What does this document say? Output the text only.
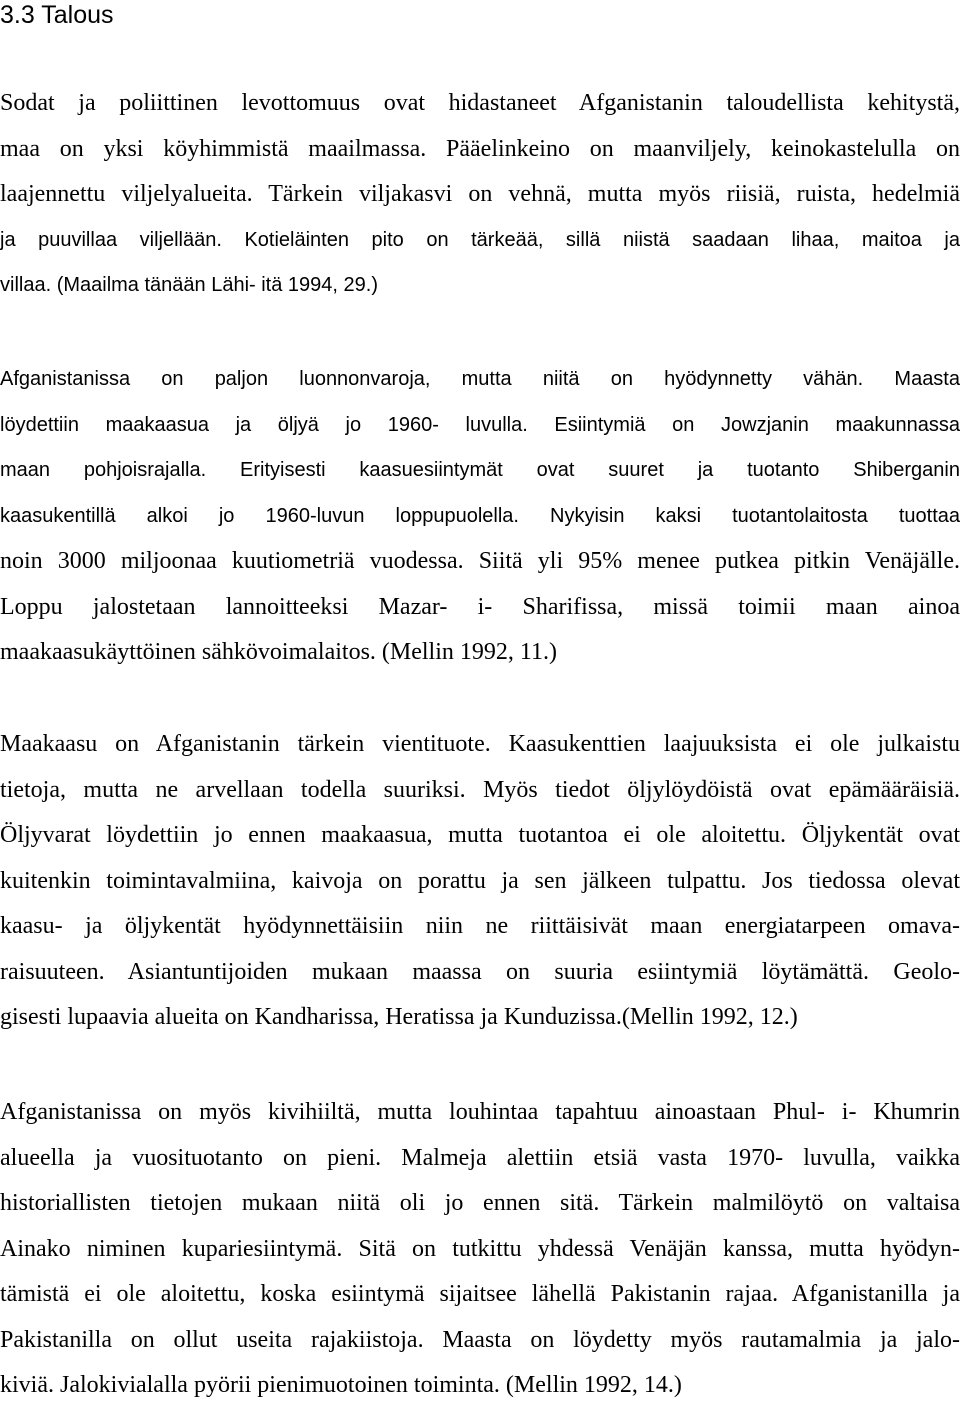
3.3 Talous
Sodat ja poliittinen levottomuus ovat hidastaneet Afganistanin taloudellista kehitystä,
maa on yksi köyhimmistä maailmassa. Pääelinkeino on maanviljely, keinokastelulla on
laajennettu viljelyalueita. Tärkein viljakasvi on vehnä, mutta myös riisiä, ruista, hedelmiä
ja puuvillaa viljellään. Kotieläinten pito on tärkeää, sillä niistä saadaan lihaa, maitoa ja
villaa. (Maailma tänään Lähi- itä 1994, 29.)
Afganistanissa on paljon luonnonvaroja, mutta niitä on hyödynnetty vähän. Maasta
löydettiin maakaasua ja öljyä jo 1960- luvulla. Esiintymiä on Jowzjanin maakunnassa
maan pohjoisrajalla. Erityisesti kaasuesiintymät ovat suuret ja tuotanto Shiberganin
kaasukentillä alkoi jo 1960-luvun loppupuolella. Nykyisin kaksi tuotantolaitosta tuottaa
noin 3000 miljoonaa kuutiometriä vuodessa. Siitä yli 95% menee putkea pitkin Venäjälle.
Loppu jalostetaan lannoitteeksi Mazar- i- Sharifissa, missä toimii maan ainoa
maakaasukäyttöinen sähkövoimalaitos. (Mellin 1992, 11.)
Maakaasu on Afganistanin tärkein vientituote. Kaasukenttien laajuuksista ei ole julkaistu
tietoja, mutta ne arvellaan todella suuriksi. Myös tiedot öljylöydöistä ovat epämääräisiä.
Öljyvarat löydettiin jo ennen maakaasua, mutta tuotantoa ei ole aloitettu. Öljykentät ovat
kuitenkin toimintavalmiina, kaivoja on porattu ja sen jälkeen tulpattu. Jos tiedossa olevat
kaasu- ja öljykentät hyödynnettäisiin niin ne riittäisivät maan energiatarpeen omava-
raisuuteen. Asiantuntijoiden mukaan maassa on suuria esiintymiä löytämättä. Geolo-
gisesti lupaavia alueita on Kandharissa, Heratissa ja Kunduzissa.(Mellin 1992, 12.)
Afganistanissa on myös kivihiiltä, mutta louhintaa tapahtuu ainoastaan Phul- i- Khumrin
alueella ja vuosituotanto on pieni. Malmeja alettiin etsiä vasta 1970- luvulla, vaikka
historiallisten tietojen mukaan niitä oli jo ennen sitä. Tärkein malmilöytö on valtaisa
Ainako niminen kupariesiintymä. Sitä on tutkittu yhdessä Venäjän kanssa, mutta hyödyn-
tämistä ei ole aloitettu, koska esiintymä sijaitsee lähellä Pakistanin rajaa. Afganistanilla ja
Pakistanilla on ollut useita rajakiistoja. Maasta on löydetty myös rautamalmia ja jalo-
kiviä. Jalokivialalla pyörii pienimuotoinen toiminta. (Mellin 1992, 14.)
